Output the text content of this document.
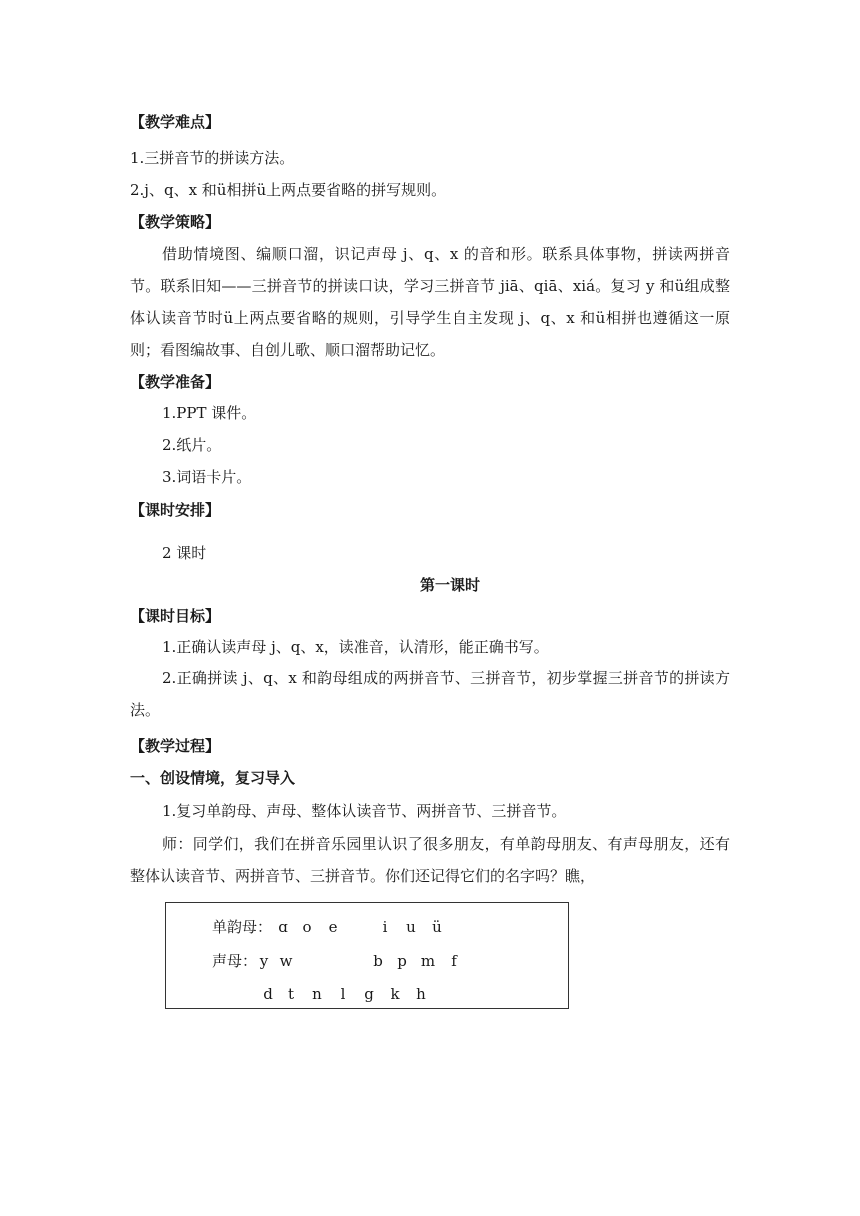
【教学难点】
1.三拼音节的拼读方法。
2.j、q、x 和ü相拼ü上两点要省略的拼写规则。
【教学策略】
借助情境图、编顺口溜，识记声母 j、q、x 的音和形。联系具体事物，拼读两拼音节。联系旧知——三拼音节的拼读口诀，学习三拼音节 jiā、qiā、xiá。复习 y 和ü组成整体认读音节时ü上两点要省略的规则，引导学生自主发现 j、q、x 和ü相拼也遵循这一原则；看图编故事、自创儿歌、顺口溜帮助记忆。
【教学准备】
1.PPT 课件。
2.纸片。
3.词语卡片。
【课时安排】
2 课时
第一课时
【课时目标】
1.正确认读声母 j、q、x，读准音，认清形，能正确书写。
2.正确拼读 j、q、x 和韵母组成的两拼音节、三拼音节，初步掌握三拼音节的拼读方法。
【教学过程】
一、创设情境，复习导入
1.复习单韵母、声母、整体认读音节、两拼音节、三拼音节。
师：同学们，我们在拼音乐园里认识了很多朋友，有单韵母朋友、有声母朋友，还有整体认读音节、两拼音节、三拼音节。你们还记得它们的名字吗？瞧，
单韵母： ɑ o e	i u ü
声母： y w	b p m f
d t n l g k h
